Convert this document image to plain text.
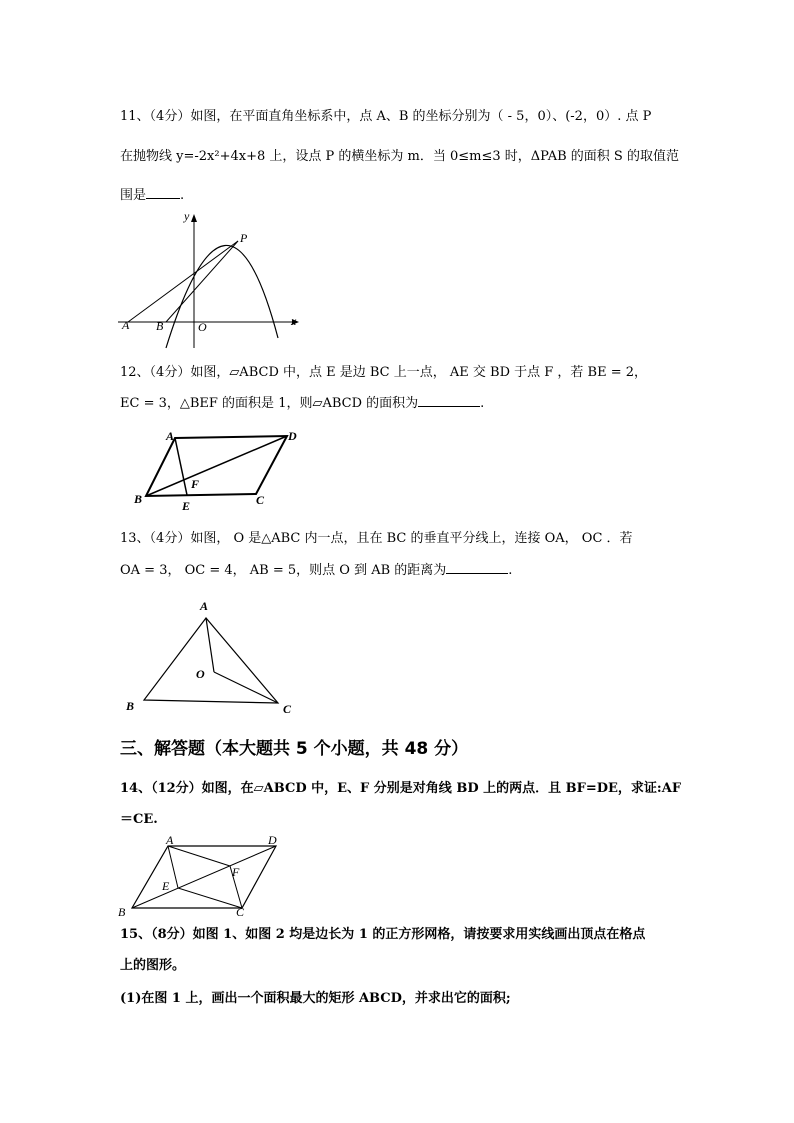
11、（4分）如图，在平面直角坐标系中，点 A、B 的坐标分别为（ - 5，0）、(-2，0）. 点 P
在抛物线 y=-2x²+4x+8 上，设点 P 的横坐标为 m．当 0≤m≤3 时，ΔPAB 的面积 S 的取值范
围是	.
y
x
P
A B	O
12、（4分）如图，▱ABCD 中，点 E 是边 BC 上一点， AE 交 BD 于点 F ，若 BE = 2，
EC = 3，△BEF 的面积是 1，则▱ABCD 的面积为	.
A	D
F
B	E	C
13、（4分）如图， O 是△ABC 内一点，且在 BC 的垂直平分线上，连接 OA， OC ．若
OA = 3， OC = 4， AB = 5，则点 O 到 AB 的距离为	.
A
O
B	C
三、解答题（本大题共 5 个小题，共 48 分）
14、（12分）如图，在▱ABCD 中，E、F 分别是对角线 BD 上的两点．且 BF=DE，求证:AF
＝CE.
A	D
E
F
B	C
15、（8分）如图 1、如图 2 均是边长为 1 的正方形网格，请按要求用实线画出顶点在格点
上的图形。
(1)在图 1 上，画出一个面积最大的矩形 ABCD，并求出它的面积;
